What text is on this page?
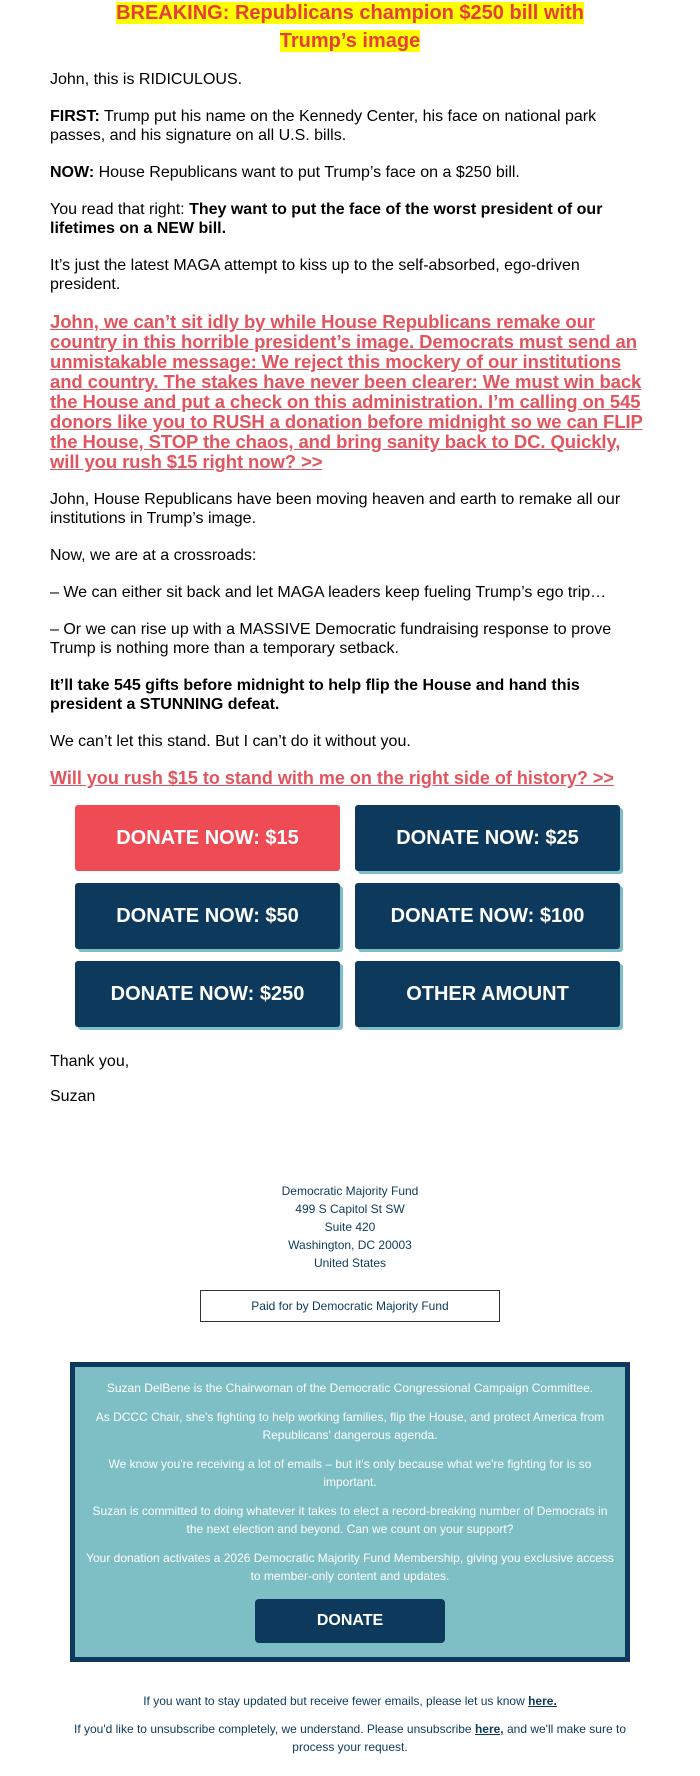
BREAKING: Republicans champion $250 bill with
Trump’s image

John, this is RIDICULOUS.

FIRST: Trump put his name on the Kennedy Center, his face on national park passes, and his signature on all U.S. bills.

NOW: House Republicans want to put Trump’s face on a $250 bill.

You read that right: They want to put the face of the worst president of our lifetimes on a NEW bill.

It’s just the latest MAGA attempt to kiss up to the self-absorbed, ego-driven president.

John, we can’t sit idly by while House Republicans remake our country in this horrible president’s image. Democrats must send an unmistakable message: We reject this mockery of our institutions and country. The stakes have never been clearer: We must win back the House and put a check on this administration. I’m calling on 545 donors like you to RUSH a donation before midnight so we can FLIP the House, STOP the chaos, and bring sanity back to DC. Quickly, will you rush $15 right now? >>

John, House Republicans have been moving heaven and earth to remake all our institutions in Trump’s image.

Now, we are at a crossroads:

– We can either sit back and let MAGA leaders keep fueling Trump’s ego trip…

– Or we can rise up with a MASSIVE Democratic fundraising response to prove Trump is nothing more than a temporary setback.

It’ll take 545 gifts before midnight to help flip the House and hand this president a STUNNING defeat.

We can’t let this stand. But I can’t do it without you.

Will you rush $15 to stand with me on the right side of history? >>

DONATE NOW: $15	DONATE NOW: $25
DONATE NOW: $50	DONATE NOW: $100
DONATE NOW: $250	OTHER AMOUNT

Thank you,

Suzan

Democratic Majority Fund
499 S Capitol St SW
Suite 420
Washington, DC 20003
United States
Paid for by Democratic Majority Fund

Suzan DelBene is the Chairwoman of the Democratic Congressional Campaign Committee.

As DCCC Chair, she's fighting to help working families, flip the House, and protect America from Republicans' dangerous agenda.

We know you're receiving a lot of emails – but it's only because what we're fighting for is so important.

Suzan is committed to doing whatever it takes to elect a record-breaking number of Democrats in the next election and beyond. Can we count on your support?

Your donation activates a 2026 Democratic Majority Fund Membership, giving you exclusive access to member-only content and updates.

DONATE

If you want to stay updated but receive fewer emails, please let us know here.

If you'd like to unsubscribe completely, we understand. Please unsubscribe here, and we'll make sure to process your request.
